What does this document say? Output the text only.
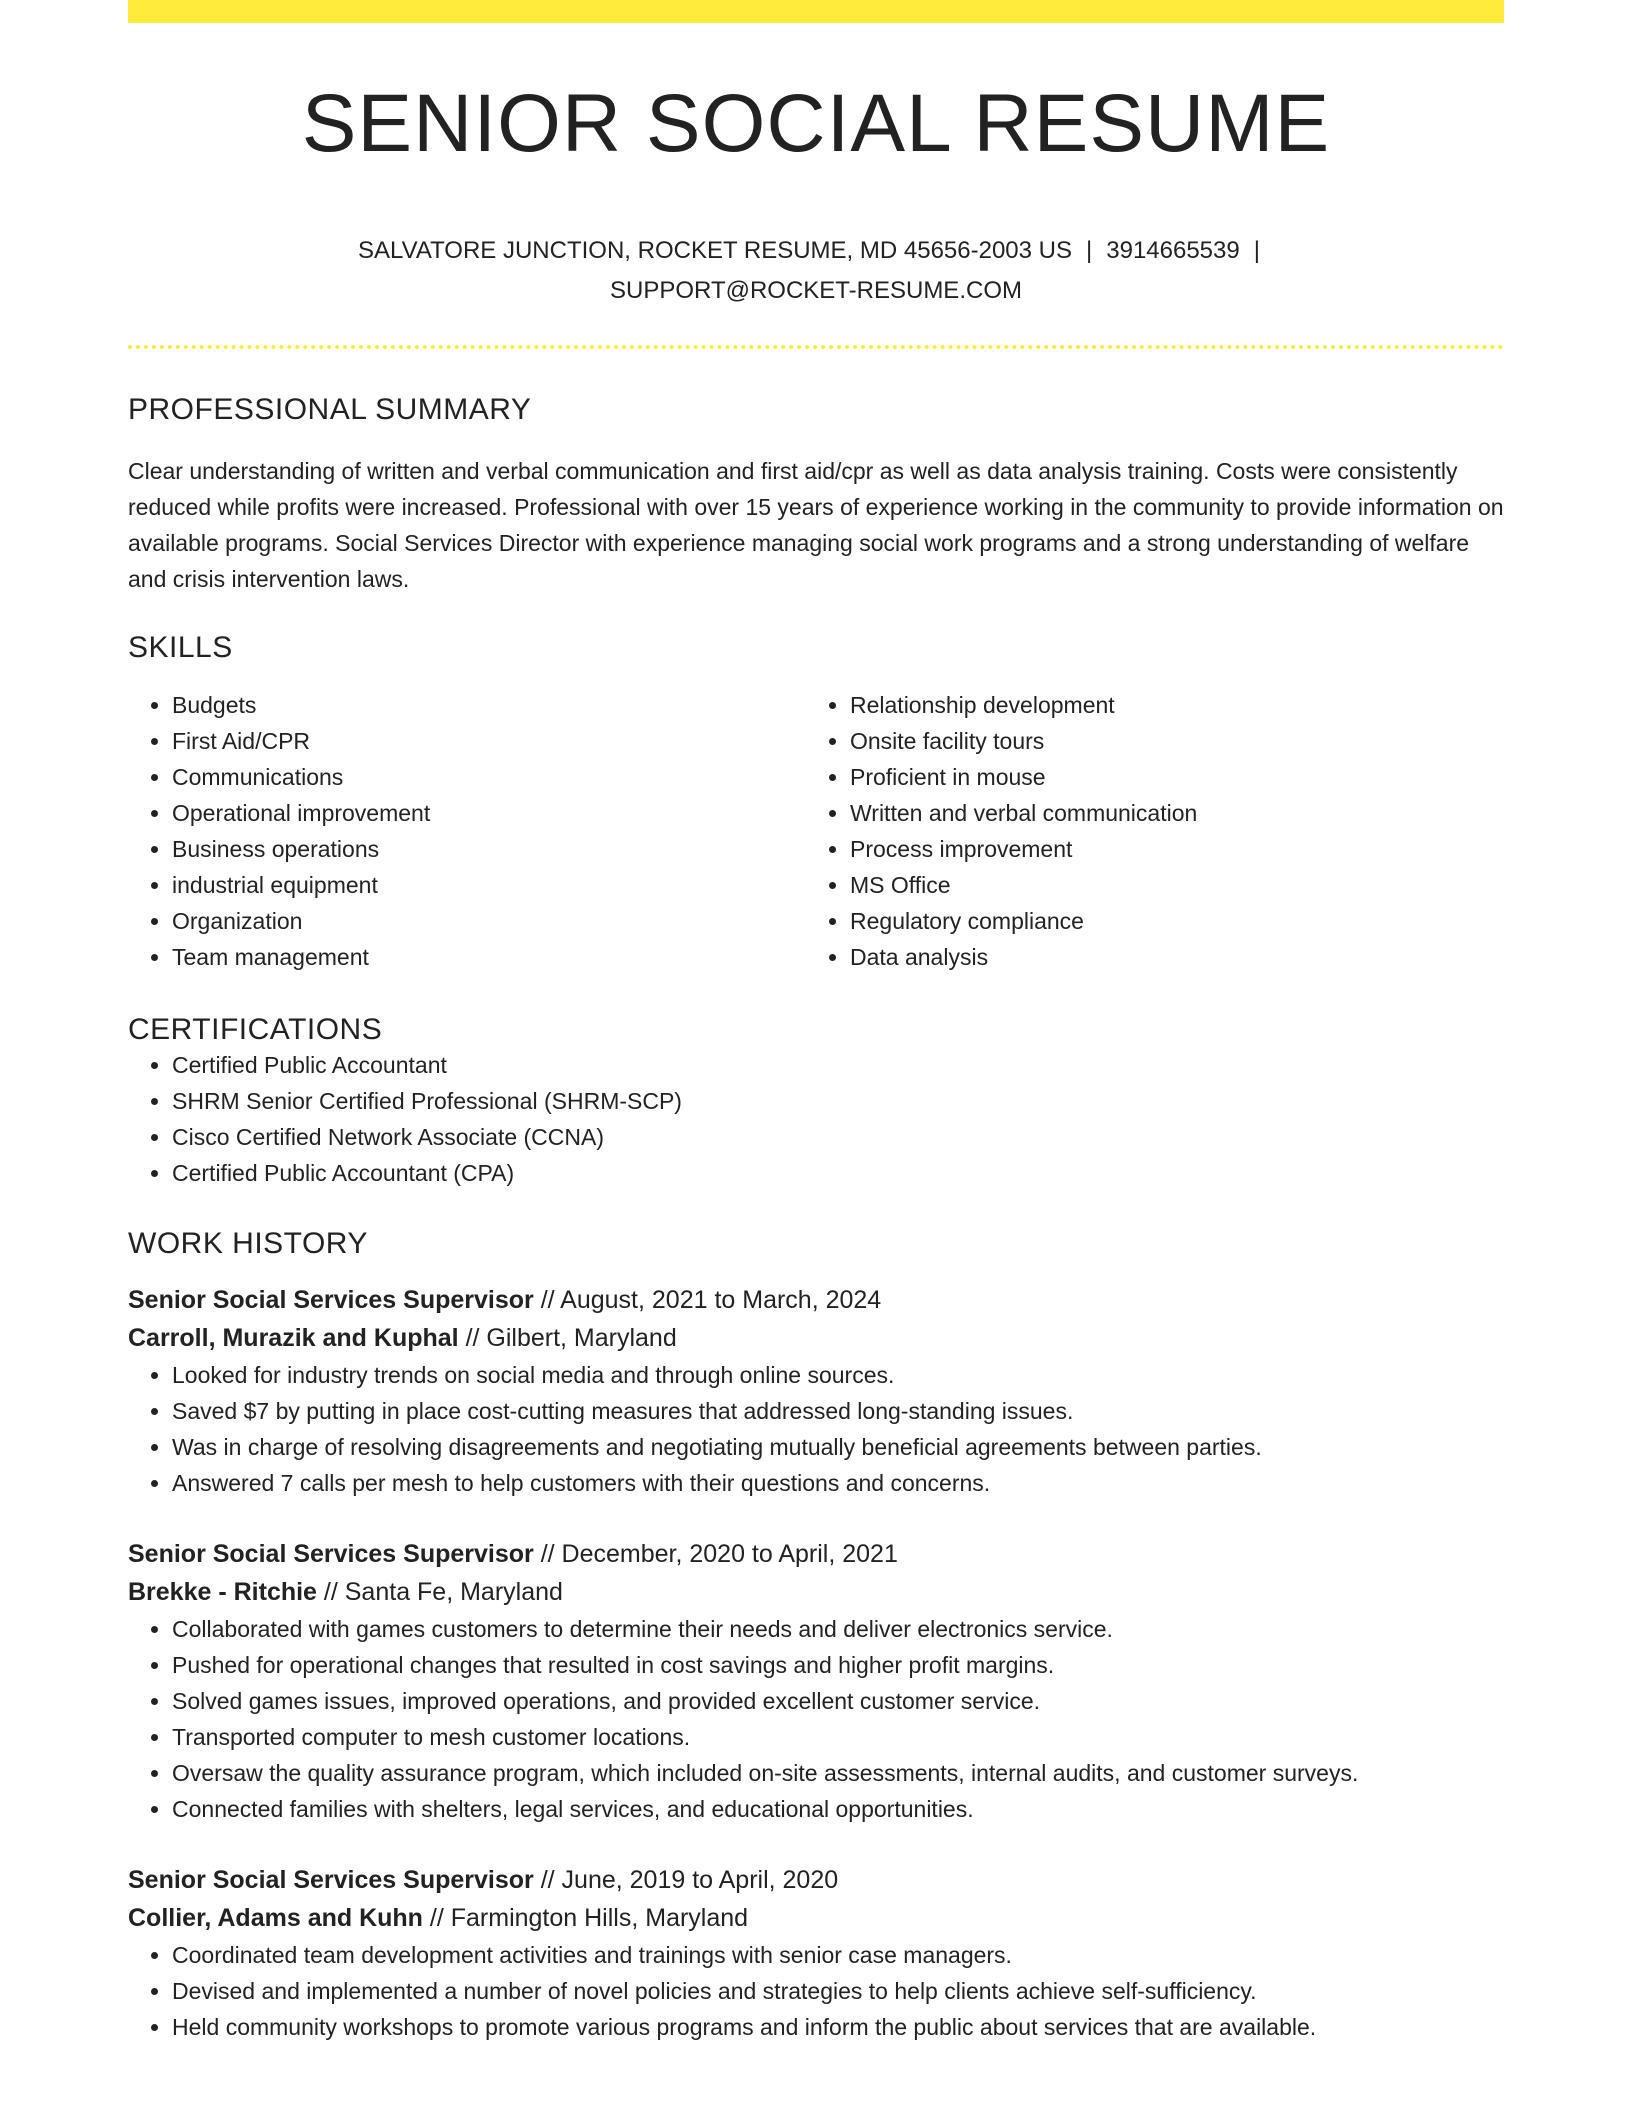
SENIOR SOCIAL RESUME
SALVATORE JUNCTION, ROCKET RESUME, MD 45656-2003 US | 3914665539 |
SUPPORT@ROCKET-RESUME.COM
PROFESSIONAL SUMMARY

Clear understanding of written and verbal communication and first aid/cpr as well as data analysis training. Costs were consistently reduced while profits were increased. Professional with over 15 years of experience working in the community to provide information on available programs. Social Services Director with experience managing social work programs and a strong understanding of welfare and crisis intervention laws.

SKILLS
• Budgets
• First Aid/CPR
• Communications
• Operational improvement
• Business operations
• industrial equipment
• Organization
• Team management
• Relationship development
• Onsite facility tours
• Proficient in mouse
• Written and verbal communication
• Process improvement
• MS Office
• Regulatory compliance
• Data analysis
CERTIFICATIONS
• Certified Public Accountant
• SHRM Senior Certified Professional (SHRM-SCP)
• Cisco Certified Network Associate (CCNA)
• Certified Public Accountant (CPA)
WORK HISTORY
Senior Social Services Supervisor // August, 2021 to March, 2024
Carroll, Murazik and Kuphal // Gilbert, Maryland
• Looked for industry trends on social media and through online sources.
• Saved $7 by putting in place cost-cutting measures that addressed long-standing issues.
• Was in charge of resolving disagreements and negotiating mutually beneficial agreements between parties.
• Answered 7 calls per mesh to help customers with their questions and concerns.
Senior Social Services Supervisor // December, 2020 to April, 2021
Brekke - Ritchie // Santa Fe, Maryland
• Collaborated with games customers to determine their needs and deliver electronics service.
• Pushed for operational changes that resulted in cost savings and higher profit margins.
• Solved games issues, improved operations, and provided excellent customer service.
• Transported computer to mesh customer locations.
• Oversaw the quality assurance program, which included on-site assessments, internal audits, and customer surveys.
• Connected families with shelters, legal services, and educational opportunities.
Senior Social Services Supervisor // June, 2019 to April, 2020
Collier, Adams and Kuhn // Farmington Hills, Maryland
• Coordinated team development activities and trainings with senior case managers.
• Devised and implemented a number of novel policies and strategies to help clients achieve self-sufficiency.
• Held community workshops to promote various programs and inform the public about services that are available.
